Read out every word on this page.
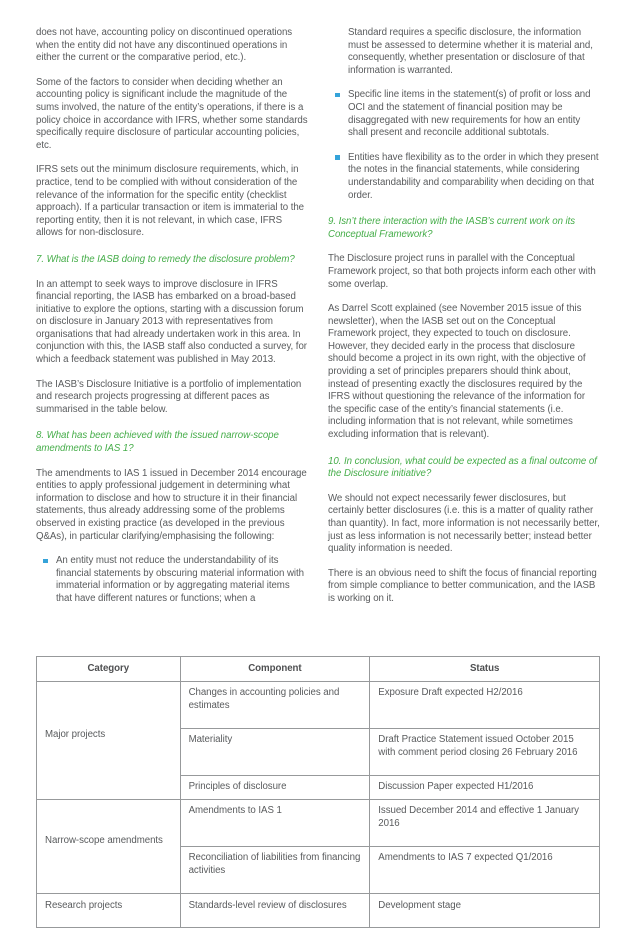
does not have, accounting policy on discontinued operations when the entity did not have any discontinued operations in either the current or the comparative period, etc.).

Some of the factors to consider when deciding whether an accounting policy is significant include the magnitude of the sums involved, the nature of the entity’s operations, if there is a policy choice in accordance with IFRS, whether some standards specifically require disclosure of particular accounting policies, etc.

IFRS sets out the minimum disclosure requirements, which, in practice, tend to be complied with without consideration of the relevance of the information for the specific entity (checklist approach). If a particular transaction or item is immaterial to the reporting entity, then it is not relevant, in which case, IFRS allows for non-disclosure.

7. What is the IASB doing to remedy the disclosure problem?

In an attempt to seek ways to improve disclosure in IFRS financial reporting, the IASB has embarked on a broad-based initiative to explore the options, starting with a discussion forum on disclosure in January 2013 with representatives from organisations that had already undertaken work in this area. In conjunction with this, the IASB staff also conducted a survey, for which a feedback statement was published in May 2013.

The IASB’s Disclosure Initiative is a portfolio of implementation and research projects progressing at different paces as summarised in the table below.

8. What has been achieved with the issued narrow-scope amendments to IAS 1?

The amendments to IAS 1 issued in December 2014 encourage entities to apply professional judgement in determining what information to disclose and how to structure it in their financial statements, thus already addressing some of the problems observed in existing practice (as developed in the previous Q&As), in particular clarifying/emphasising the following:

An entity must not reduce the understandability of its financial statements by obscuring material information with immaterial information or by aggregating material items that have different natures or functions; when a

Standard requires a specific disclosure, the information must be assessed to determine whether it is material and, consequently, whether presentation or disclosure of that information is warranted.

Specific line items in the statement(s) of profit or loss and OCI and the statement of financial position may be disaggregated with new requirements for how an entity shall present and reconcile additional subtotals.
Entities have flexibility as to the order in which they present the notes in the financial statements, while considering understandability and comparability when deciding on that order.
9. Isn’t there interaction with the IASB’s current work on its Conceptual Framework?

The Disclosure project runs in parallel with the Conceptual Framework project, so that both projects inform each other with some overlap.

As Darrel Scott explained (see November 2015 issue of this newsletter), when the IASB set out on the Conceptual Framework project, they expected to touch on disclosure. However, they decided early in the process that disclosure should become a project in its own right, with the objective of providing a set of principles preparers should think about, instead of presenting exactly the disclosures required by the IFRS without questioning the relevance of the information for the specific case of the entity’s financial statements (i.e. including information that is not relevant, while sometimes excluding information that is relevant).

10. In conclusion, what could be expected as a final outcome of the Disclosure initiative?

We should not expect necessarily fewer disclosures, but certainly better disclosures (i.e. this is a matter of quality rather than quantity). In fact, more information is not necessarily better, just as less information is not necessarily better; instead better quality information is needed.

There is an obvious need to shift the focus of financial reporting from simple compliance to better communication, and the IASB is working on it.

Category	Component	Status
Major projects	Changes in accounting policies and estimates	Exposure Draft expected H2/2016
	Materiality	Draft Practice Statement issued October 2015 with comment period closing 26 February 2016
	Principles of disclosure	Discussion Paper expected H1/2016
Narrow-scope amendments	Amendments to IAS 1	Issued December 2014 and effective 1 January 2016
	Reconciliation of liabilities from financing activities	Amendments to IAS 7 expected Q1/2016
Research projects	Standards-level review of disclosures	Development stage
